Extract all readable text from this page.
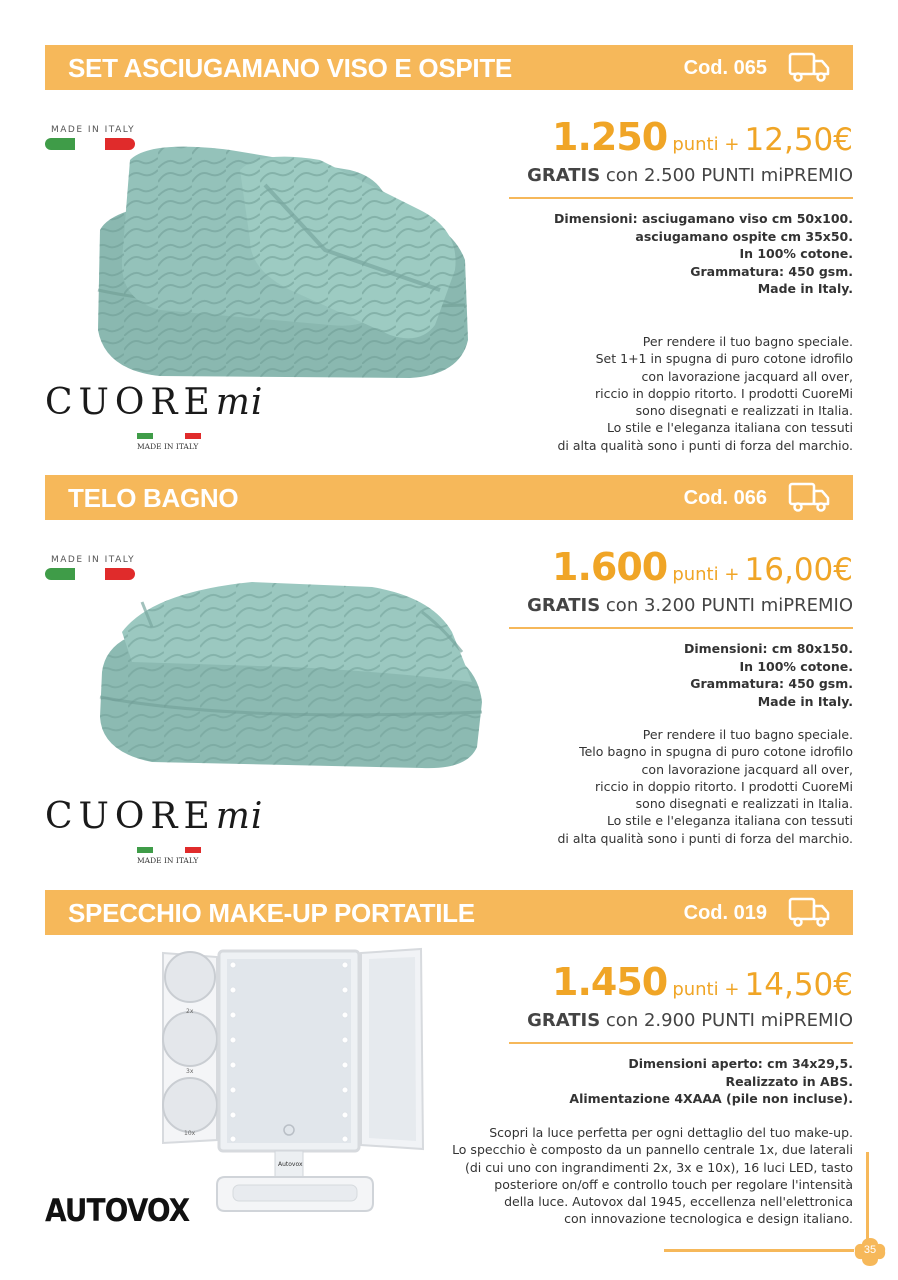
SET ASCIUGAMANO VISO E OSPITE	Cod. 065
MADE IN ITALY	1.250 punti + 12,50€
GRATIS con 2.500 PUNTI miPREMIO
Dimensioni: asciugamano viso cm 50x100.
asciugamano ospite cm 35x50.
In 100% cotone.
Grammatura: 450 gsm.
Made in Italy.
Per rendere il tuo bagno speciale.
Set 1+1 in spugna di puro cotone idrofilo
con lavorazione jacquard all over,
riccio in doppio ritorto. I prodotti CuoreMi
sono disegnati e realizzati in Italia.
Lo stile e l'eleganza italiana con tessuti
di alta qualità sono i punti di forza del marchio.
CUOREmi
MADE IN ITALY
TELO BAGNO	Cod. 066
MADE IN ITALY	1.600 punti + 16,00€
GRATIS con 3.200 PUNTI miPREMIO
Dimensioni: cm 80x150.
In 100% cotone.
Grammatura: 450 gsm.
Made in Italy.
Per rendere il tuo bagno speciale.
Telo bagno in spugna di puro cotone idrofilo
con lavorazione jacquard all over,
riccio in doppio ritorto. I prodotti CuoreMi
sono disegnati e realizzati in Italia.
Lo stile e l'eleganza italiana con tessuti
di alta qualità sono i punti di forza del marchio.
CUOREmi
MADE IN ITALY
SPECCHIO MAKE-UP PORTATILE	Cod. 019
2x
3x
10x
Autovox
1.450 punti + 14,50€
GRATIS con 2.900 PUNTI miPREMIO
Dimensioni aperto: cm 34x29,5.
Realizzato in ABS.
Alimentazione 4XAAA (pile non incluse).
Scopri la luce perfetta per ogni dettaglio del tuo make-up.
Lo specchio è composto da un pannello centrale 1x, due laterali
(di cui uno con ingrandimenti 2x, 3x e 10x), 16 luci LED, tasto
posteriore on/off e controllo touch per regolare l'intensità
della luce. Autovox dal 1945, eccellenza nell'elettronica
con innovazione tecnologica e design italiano.
AUTOVOX
35
